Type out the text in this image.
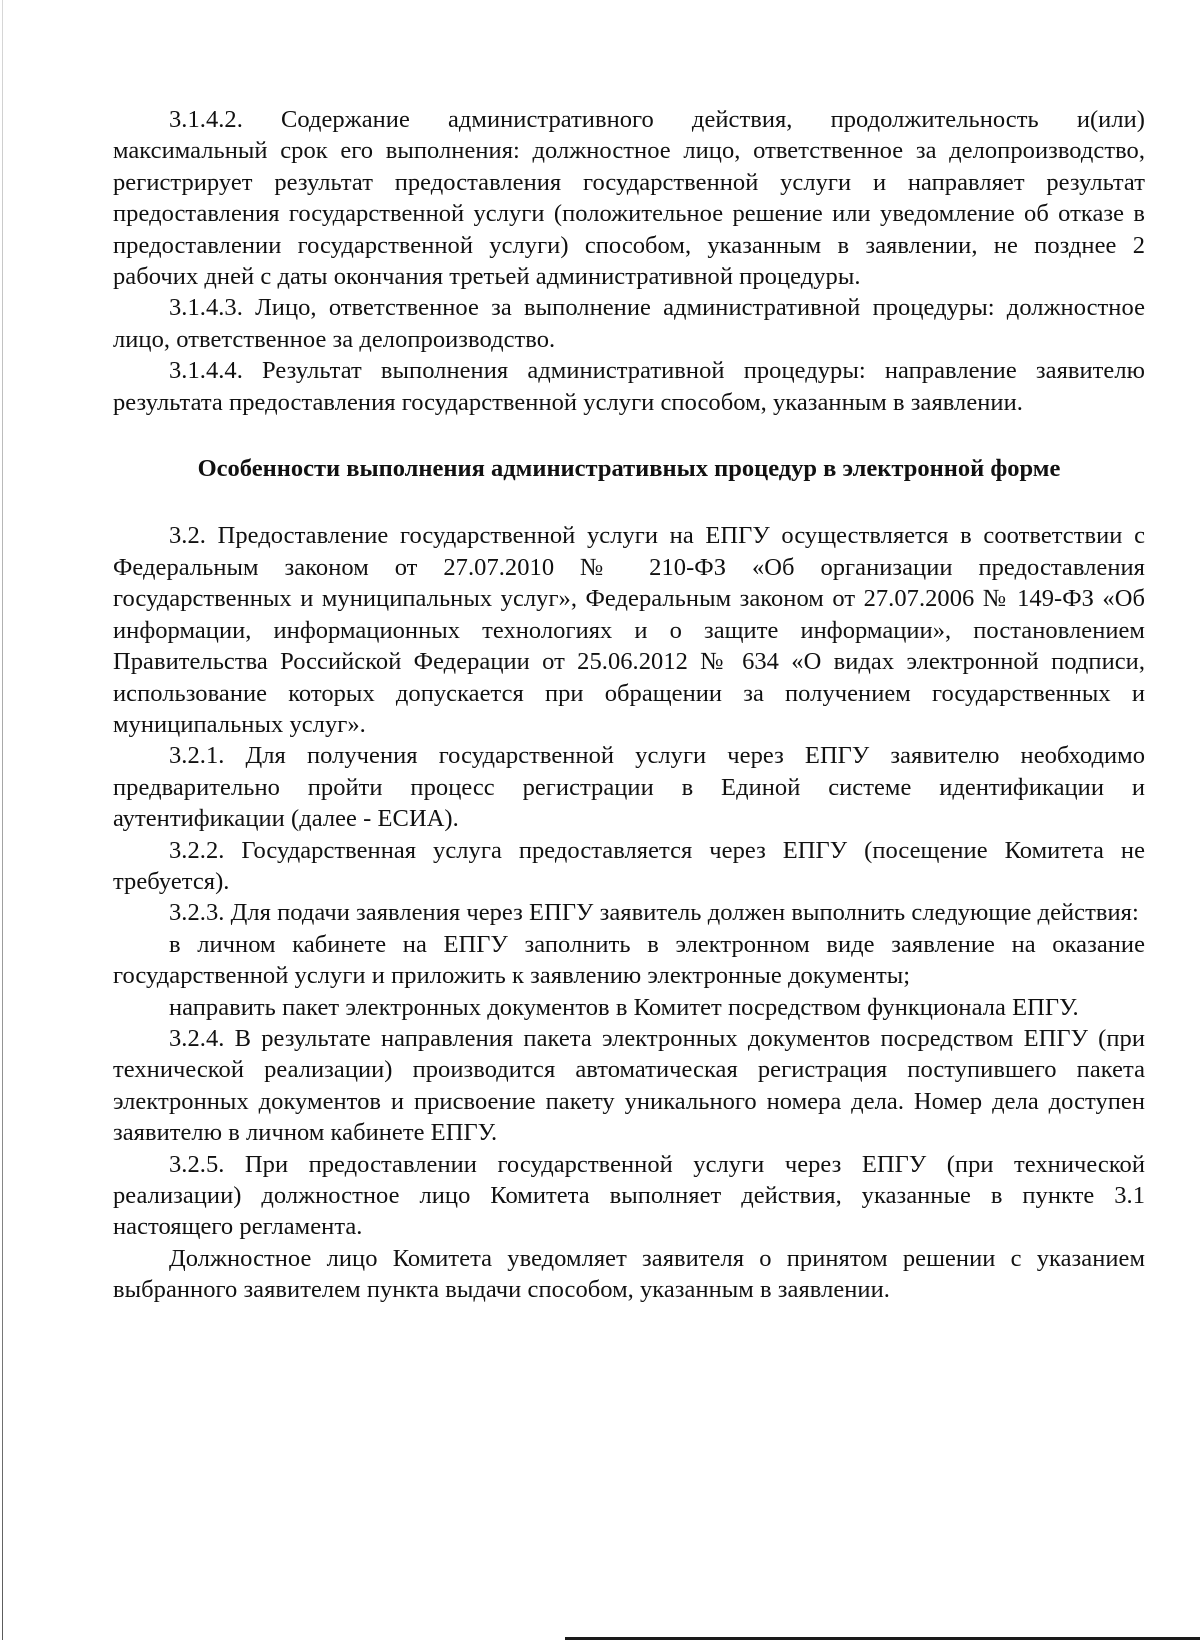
3.1.4.2. Содержание административного действия, продолжительность и(или) максимальный срок его выполнения: должностное лицо, ответственное за делопроизводство, регистрирует результат предоставления государственной услуги и направляет результат предоставления государственной услуги (положительное решение или уведомление об отказе в предоставлении государственной услуги) способом, указанным в заявлении, не позднее 2 рабочих дней с даты окончания третьей административной процедуры.

3.1.4.3. Лицо, ответственное за выполнение административной процедуры: должностное лицо, ответственное за делопроизводство.

3.1.4.4. Результат выполнения административной процедуры: направление заявителю результата предоставления государственной услуги способом, указанным в заявлении.

Особенности выполнения административных процедур в электронной форме

3.2. Предоставление государственной услуги на ЕПГУ осуществляется в соответствии с Федеральным законом от 27.07.2010 № 210-ФЗ «Об организации предоставления государственных и муниципальных услуг», Федеральным законом от 27.07.2006 № 149-ФЗ «Об информации, информационных технологиях и о защите информации», постановлением Правительства Российской Федерации от 25.06.2012 № 634 «О видах электронной подписи, использование которых допускается при обращении за получением государственных и муниципальных услуг».

3.2.1. Для получения государственной услуги через ЕПГУ заявителю необходимо предварительно пройти процесс регистрации в Единой системе идентификации и аутентификации (далее - ЕСИА).

3.2.2. Государственная услуга предоставляется через ЕПГУ (посещение Комитета не требуется).

3.2.3. Для подачи заявления через ЕПГУ заявитель должен выполнить следующие действия:

в личном кабинете на ЕПГУ заполнить в электронном виде заявление на оказание государственной услуги и приложить к заявлению электронные документы;

направить пакет электронных документов в Комитет посредством функционала ЕПГУ.

3.2.4. В результате направления пакета электронных документов посредством ЕПГУ (при технической реализации) производится автоматическая регистрация поступившего пакета электронных документов и присвоение пакету уникального номера дела. Номер дела доступен заявителю в личном кабинете ЕПГУ.

3.2.5. При предоставлении государственной услуги через ЕПГУ (при технической реализации) должностное лицо Комитета выполняет действия, указанные в пункте 3.1 настоящего регламента.

Должностное лицо Комитета уведомляет заявителя о принятом решении с указанием выбранного заявителем пункта выдачи способом, указанным в заявлении.
